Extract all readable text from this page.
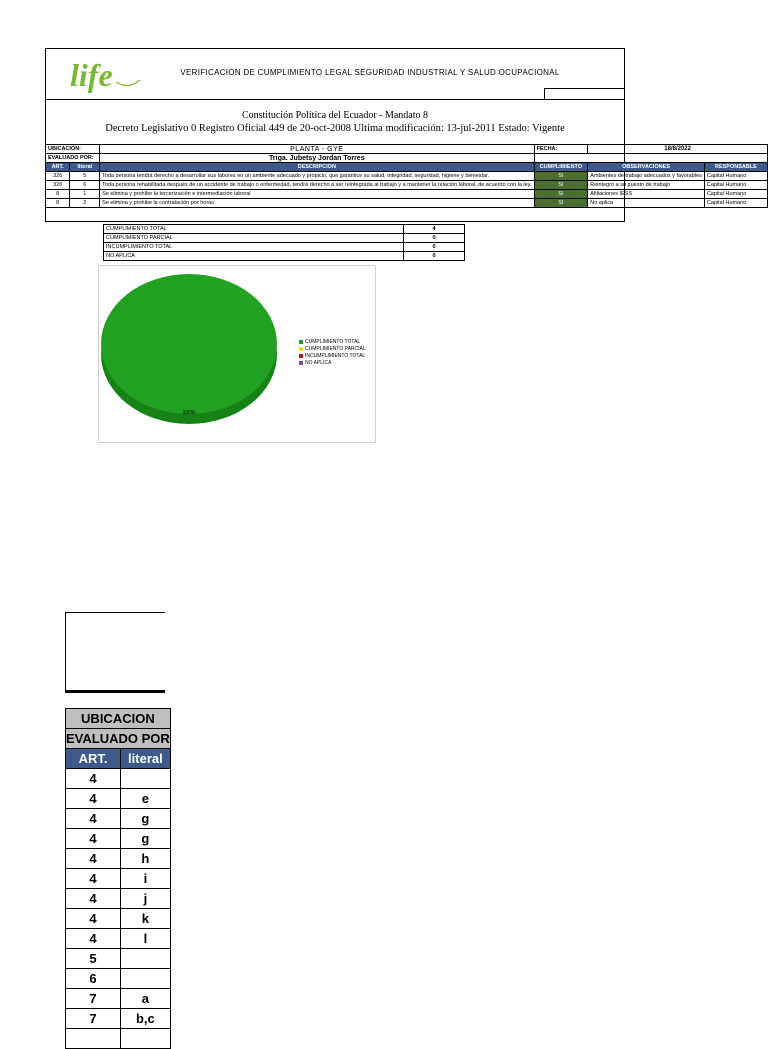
life	VERIFICACION DE CUMPLIMIENTO LEGAL SEGURIDAD INDUSTRIAL Y SALUD OCUPACIONAL
Constitución Política del Ecuador - Mandato 8
Decreto Legislativo 0 Registro Oficial 449 de 20-oct-2008 Ultima modificación: 13-jul-2011 Estado: Vigente
UBICACIÓN:		PLANTA - GYE	FECHA:	18/8/2022	
EVALUADO POR:		Triga. Jubetsy Jordan Torres			
ART.	literal	DESCRIPCION	CUMPLIMIENTO	OBSERVACIONES	RESPONSABLE
326	5	Toda persona tendrá derecho a desarrollar sus labores en un ambiente adecuado y propicio, que garantice su salud, integridad, seguridad, higiene y bienestar.	SI	Ambientes de trabajo adecuados y favorables	Capital Humano
326	6	Toda persona rehabilitada después de un accidente de trabajo o enfermedad, tendrá derecho a ser reintegrada al trabajo y a mantener la relación laboral, de acuerdo con la ley.	SI	Reintegro a su puesto de trabajo	Capital Humano
8	1	Se elimina y prohíbe la tercerización e intermediación laboral	SI	Afiliaciones IESS	Capital Humano
8	2	Se elimina y prohibe la contratación por horas	SI	No aplica	Capital Humano
CUMPLIMIENTO TOTAL	4
CUMPLIMIENTO PARCIAL	0
INCUMPLIMIENTO TOTAL	0
NO APLICA	0
100%
CUMPLIMIENTO TOTAL
CUMPLIMIENTO PARCIAL
INCUMPLIMIENTO TOTAL
NO APLICA
UBICACION	
EVALUADO POR	
ART.	literal
4	
4	e
4	g
4	g
4	h
4	i
4	j
4	k
4	l
5	
6	
7	a
7	b,c
